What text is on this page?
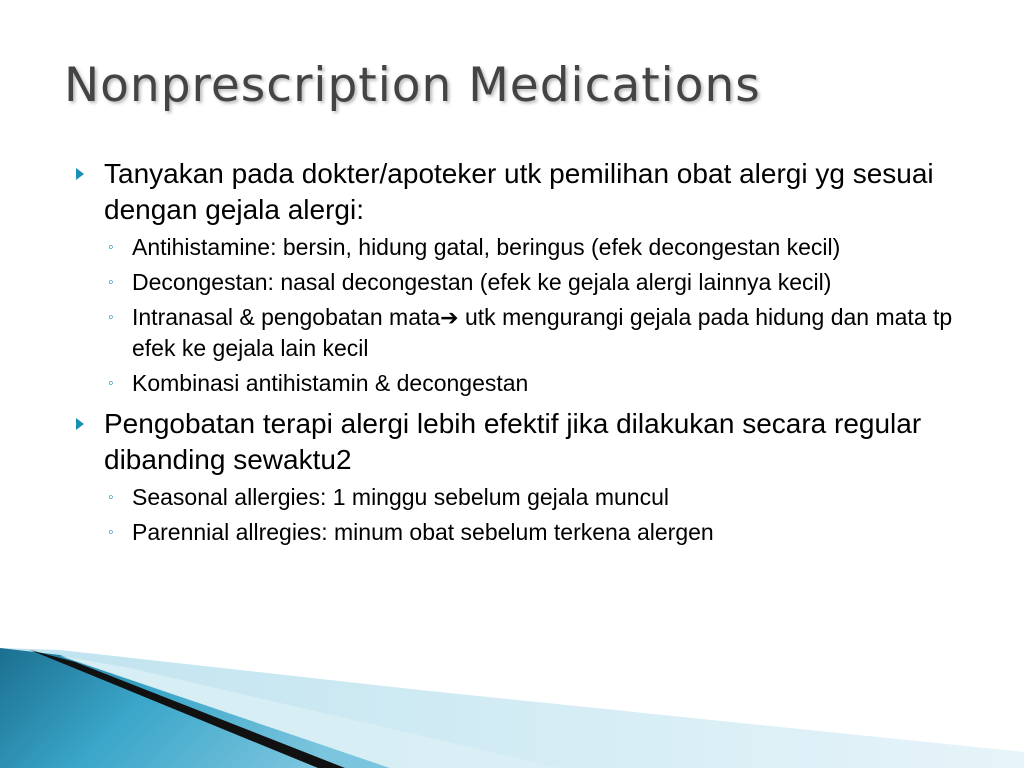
Nonprescription Medications
Tanyakan pada dokter/apoteker utk pemilihan obat alergi yg sesuai dengan gejala alergi:
◦ Antihistamine: bersin, hidung gatal, beringus (efek decongestan kecil)
◦ Decongestan: nasal decongestan (efek ke gejala alergi lainnya kecil)
◦ Intranasal & pengobatan mata➔ utk mengurangi gejala pada hidung dan mata tp efek ke gejala lain kecil
◦ Kombinasi antihistamin & decongestan
Pengobatan terapi alergi lebih efektif jika dilakukan secara regular dibanding sewaktu2
◦ Seasonal allergies: 1 minggu sebelum gejala muncul
◦ Parennial allregies: minum obat sebelum terkena alergen
